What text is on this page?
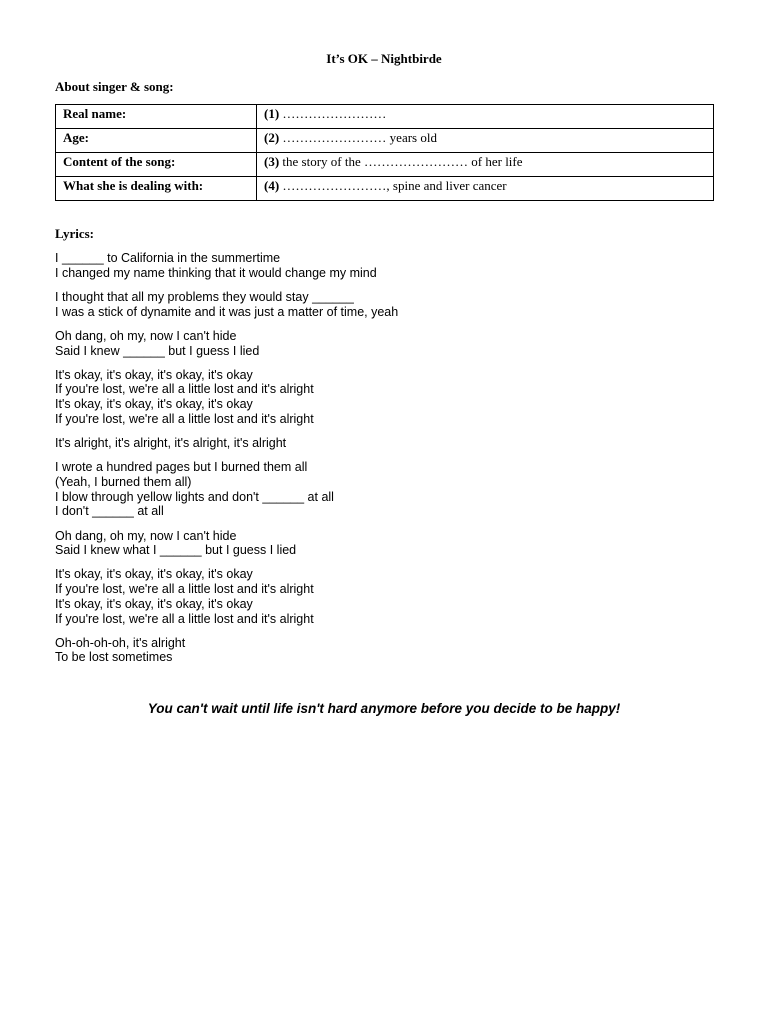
It’s OK – Nightbirde
About singer & song:
Real name:	(1) ……………………
Age:	(2) …………………… years old
Content of the song:	(3) the story of the …………………… of her life
What she is dealing with:	(4) ……………………, spine and liver cancer
Lyrics:
I ______ to California in the summertime
I changed my name thinking that it would change my mind
I thought that all my problems they would stay ______
I was a stick of dynamite and it was just a matter of time, yeah
Oh dang, oh my, now I can't hide
Said I knew ______ but I guess I lied
It's okay, it's okay, it's okay, it's okay
If you're lost, we're all a little lost and it's alright
It's okay, it's okay, it's okay, it's okay
If you're lost, we're all a little lost and it's alright
It's alright, it's alright, it's alright, it's alright
I wrote a hundred pages but I burned them all
(Yeah, I burned them all)
I blow through yellow lights and don't ______ at all
I don't ______ at all
Oh dang, oh my, now I can't hide
Said I knew what I ______ but I guess I lied
It's okay, it's okay, it's okay, it's okay
If you're lost, we're all a little lost and it's alright
It's okay, it's okay, it's okay, it's okay
If you're lost, we're all a little lost and it's alright
Oh-oh-oh-oh, it's alright
To be lost sometimes
You can't wait until life isn't hard anymore before you decide to be happy!
